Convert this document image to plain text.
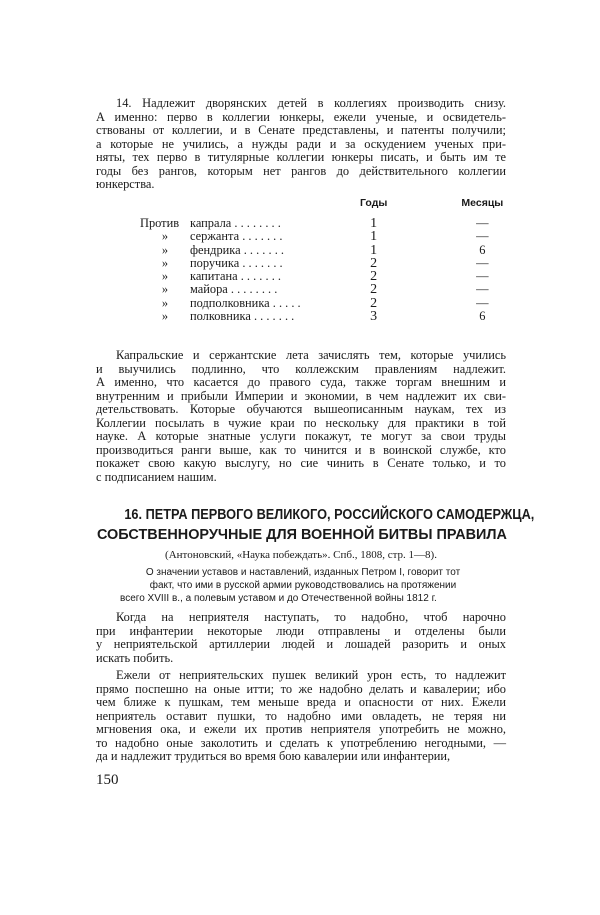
14. Надлежит дворянских детей в коллегиях производить снизу.
А именно: перво в коллегии юнкеры, ежели ученые, и освидетель-
ствованы от коллегии, и в Сенате представлены, и патенты получили;
а которые не учились, а нужды ради и за оскудением ученых при-
няты, тех перво в титулярные коллегии юнкеры писать, и быть им те
годы без рангов, которым нет рангов до действительного коллегии
юнкерства.
		Годы	Месяцы
Против	капрала . . . . . . . .	1	—
»	сержанта . . . . . . .	1	—
»	фендрика . . . . . . .	1	6
»	поручика . . . . . . .	2	—
»	капитана . . . . . . .	2	—
»	майора . . . . . . . .	2	—
»	подполковника . . . . .	2	—
»	полковника . . . . . . .	3	6
Капральские и сержантские лета зачислять тем, которые учились
и выучились подлинно, что коллежским правлениям надлежит.
А именно, что касается до правого суда, также торгам внешним и
внутренним и прибыли Империи и экономии, в чем надлежит их сви-
детельствовать. Которые обучаются вышеописанным наукам, тех из
Коллегии посылать в чужие краи по нескольку для практики в той
науке. А которые знатные услуги покажут, те могут за свои труды
производиться ранги выше, как то чинится и в воинской службе, кто
покажет свою какую выслугу, но сие чинить в Сенате только, и то
с подписанием нашим.
16. ПЕТРА ПЕРВОГО ВЕЛИКОГО, РОССИЙСКОГО САМОДЕРЖЦА,
СОБСТВЕННОРУЧНЫЕ ДЛЯ ВОЕННОЙ БИТВЫ ПРАВИЛА
(Антоновский, «Наука побеждать». Спб., 1808, стр. 1—8).
О значении уставов и наставлений, изданных Петром I, говорит тот
факт, что ими в русской армии руководствовались на протяжении
всего XVIII в., а полевым уставом и до Отечественной войны 1812 г.
Когда на неприятеля наступать, то надобно, чтоб нарочно
при инфантерии некоторые люди отправлены и отделены были
у неприятельской артиллерии людей и лошадей разорить и оных
искать побить.
Ежели от неприятельских пушек великий урон есть, то надлежит
прямо поспешно на оные итти; то же надобно делать и кавалерии; ибо
чем ближе к пушкам, тем меньше вреда и опасности от них. Ежели
неприятель оставит пушки, то надобно ими овладеть, не теряя ни
мгновения ока, и ежели их против неприятеля употребить не можно,
то надобно оные заколотить и сделать к употреблению негодными, —
да и надлежит трудиться во время бою кавалерии или инфантерии,
150
